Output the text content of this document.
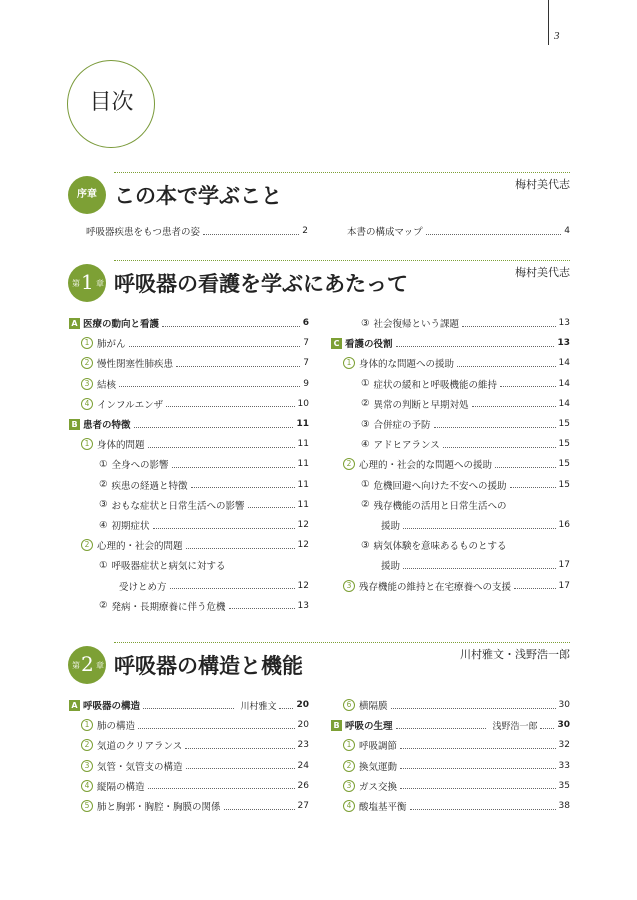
3
目次
序章 この本で学ぶこと	梅村美代志
呼吸器疾患をもつ患者の姿	2	本書の構成マップ	4
第 1 章 呼吸器の看護を学ぶにあたって	梅村美代志
第 2 章 呼吸器の構造と機能	川村雅文・浅野浩一郎
A 医療の動向と看護	6
1 肺がん	7
2 慢性閉塞性肺疾患	7
3 結核	9
4 インフルエンザ	10
B 患者の特徴	11
1 身体的問題	11
① 全身への影響	11
② 疾患の経過と特徴	11
③ おもな症状と日常生活への影響	11
④ 初期症状	12
2 心理的・社会的問題	12
① 呼吸器症状と病気に対する
受けとめ方	12
② 発病・長期療養に伴う危機	13
③ 社会復帰という課題	13
C 看護の役割	13
1 身体的な問題への援助	14
① 症状の緩和と呼吸機能の維持	14
② 異常の判断と早期対処	14
③ 合併症の予防	15
④ アドヒアランス	15
2 心理的・社会的な問題への援助	15
① 危機回避へ向けた不安への援助	15
② 残存機能の活用と日常生活への
援助	16
③ 病気体験を意味あるものとする
援助	17
3 残存機能の維持と在宅療養への支援	17
A 呼吸器の構造	川村雅文 20
1 肺の構造	20
2 気道のクリアランス	23
3 気管・気管支の構造	24
4 縦隔の構造	26
5 肺と胸郭・胸腔・胸膜の関係	27
6 横隔膜	30
B 呼吸の生理	浅野浩一郎 30
1 呼吸調節	32
2 換気運動	33
3 ガス交換	35
4 酸塩基平衡	38
